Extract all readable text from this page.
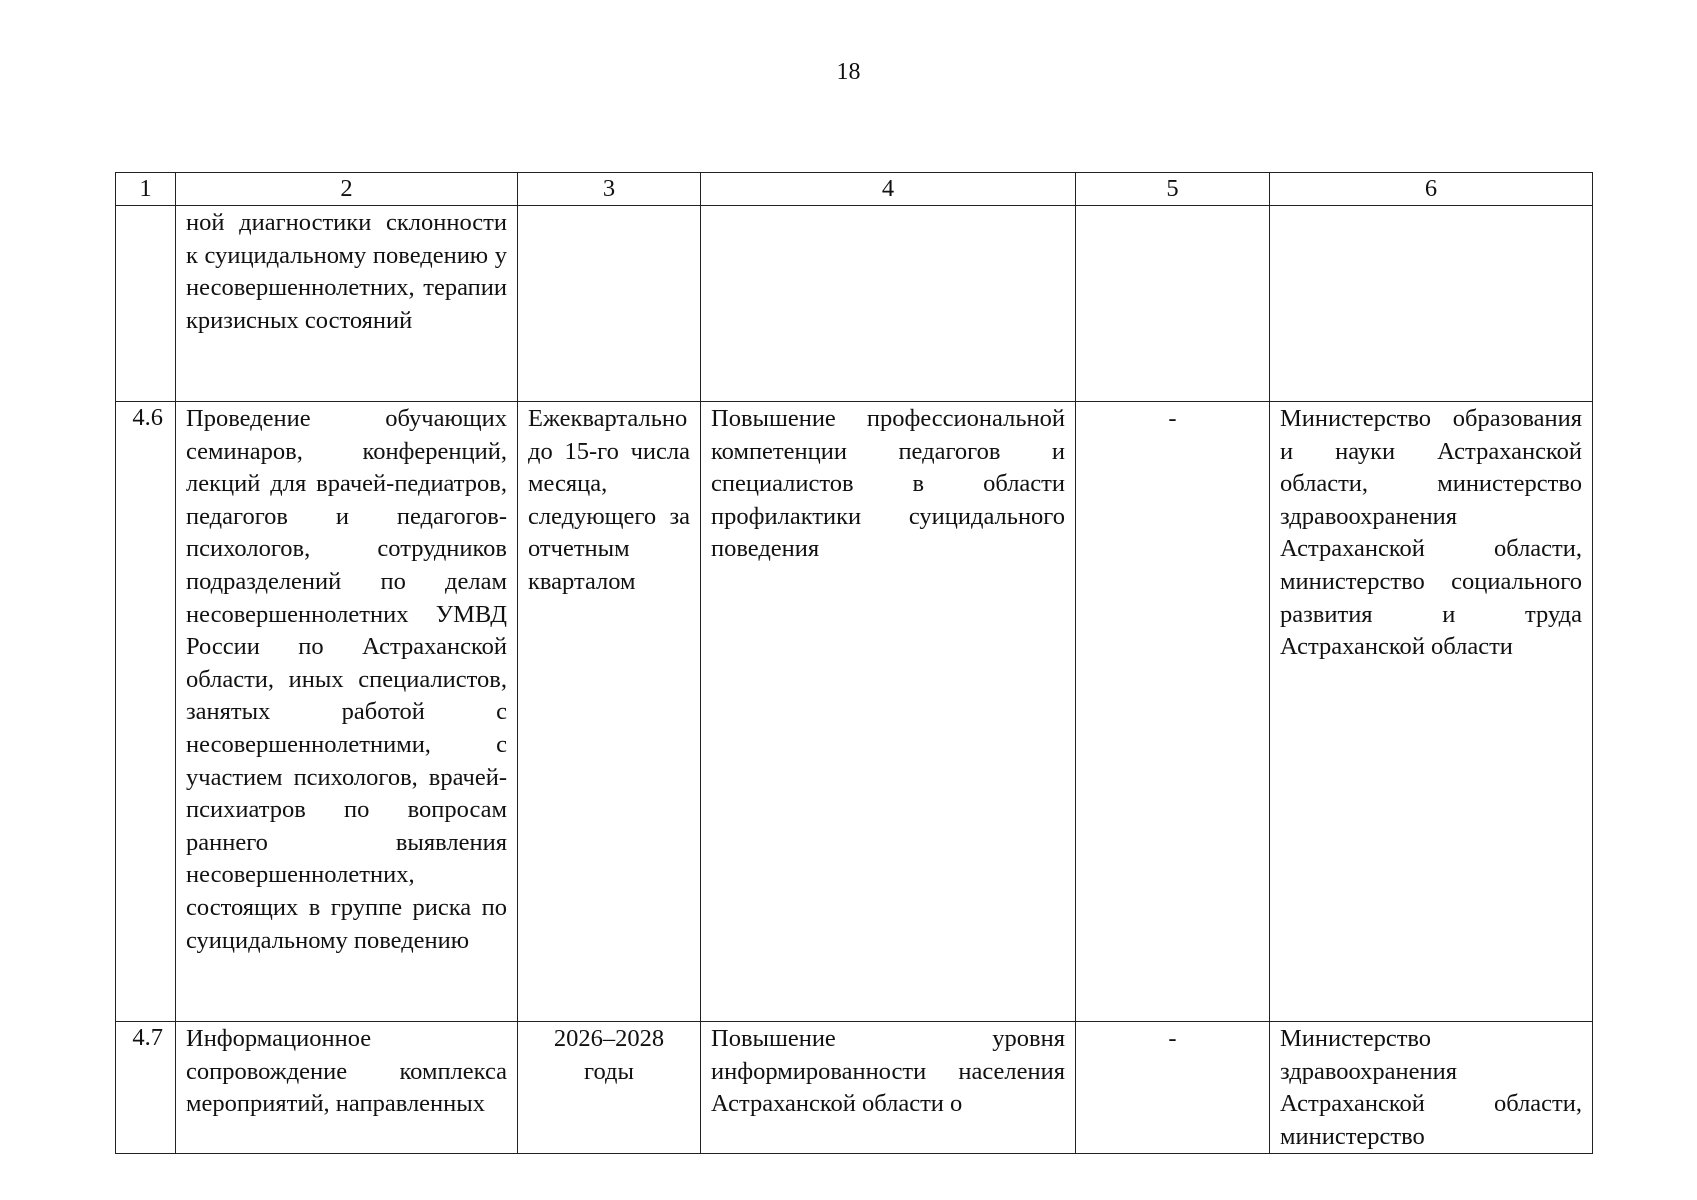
18
1	2	3	4	5	6
	ной диагностики склонности к суицидальному поведению у несовершеннолетних, терапии кризисных состояний				
4.6	Проведение обучающих семинаров, конференций, лекций для врачей-педиатров, педагогов и педагогов-психологов, сотрудников подразделений по делам несовершеннолетних УМВД России по Астраханской области, иных специалистов, занятых работой с несовершеннолетними, с участием психологов, врачей-психиатров по вопросам раннего выявления несовершеннолетних, состоящих в группе риска по суицидальному поведению	Ежеквартально до 15-го числа месяца, следующего за отчетным кварталом	Повышение профессиональной компетенции педагогов и специалистов в области профилактики суицидального поведения	-	Министерство образования и науки Астраханской области, министерство здравоохранения Астраханской области, министерство социального развития и труда Астраханской области
4.7	Информационное сопровождение комплекса мероприятий, направленных	2026–2028 годы	Повышение уровня информированности населения Астраханской области о	-	Министерство здравоохранения Астраханской области, министерство
